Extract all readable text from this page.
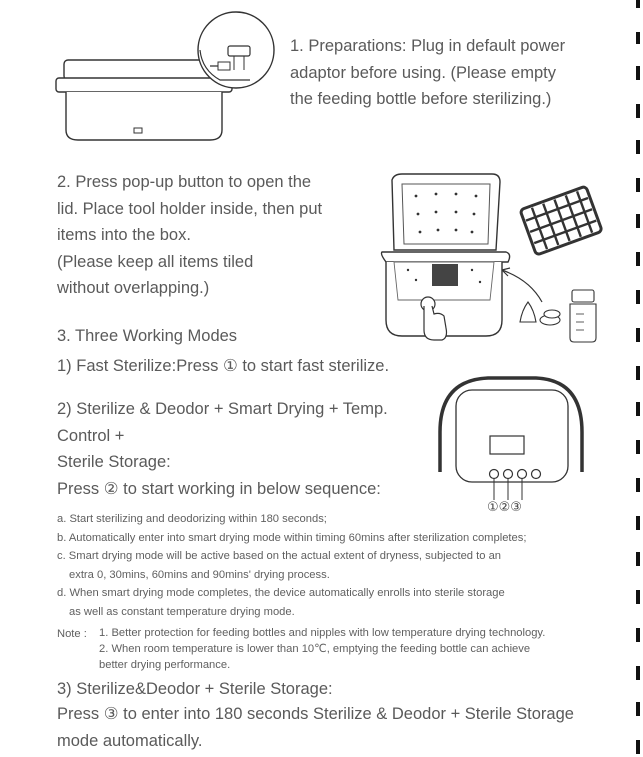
1. Preparations: Plug in default power
adaptor before using. (Please empty
the feeding bottle before sterilizing.)
2. Press pop-up button to open the
lid. Place tool holder inside, then put
items into the box.
(Please keep all items tiled
without overlapping.)
3. Three Working Modes
1) Fast Sterilize:Press ① to start fast sterilize.
2) Sterilize & Deodor + Smart Drying + Temp.
Control +
Sterile Storage:
Press ② to start working in below sequence:
①②③
a. Start sterilizing and deodorizing within 180 seconds;
b. Automatically enter into smart drying mode within timing 60mins after sterilization completes;
c. Smart drying mode will be active based on the actual extent of dryness, subjected to an
extra 0, 30mins, 60mins and 90mins' drying process.
d. When smart drying mode completes, the device automatically enrolls into sterile storage
as well as constant temperature drying mode.
Note : 1. Better protection for feeding bottles and nipples with low temperature drying technology.
2. When room temperature is lower than 10℃, emptying the feeding bottle can achieve
better drying performance.
3) Sterilize&Deodor + Sterile Storage:
Press ③ to enter into 180 seconds Sterilize & Deodor + Sterile Storage
mode automatically.
